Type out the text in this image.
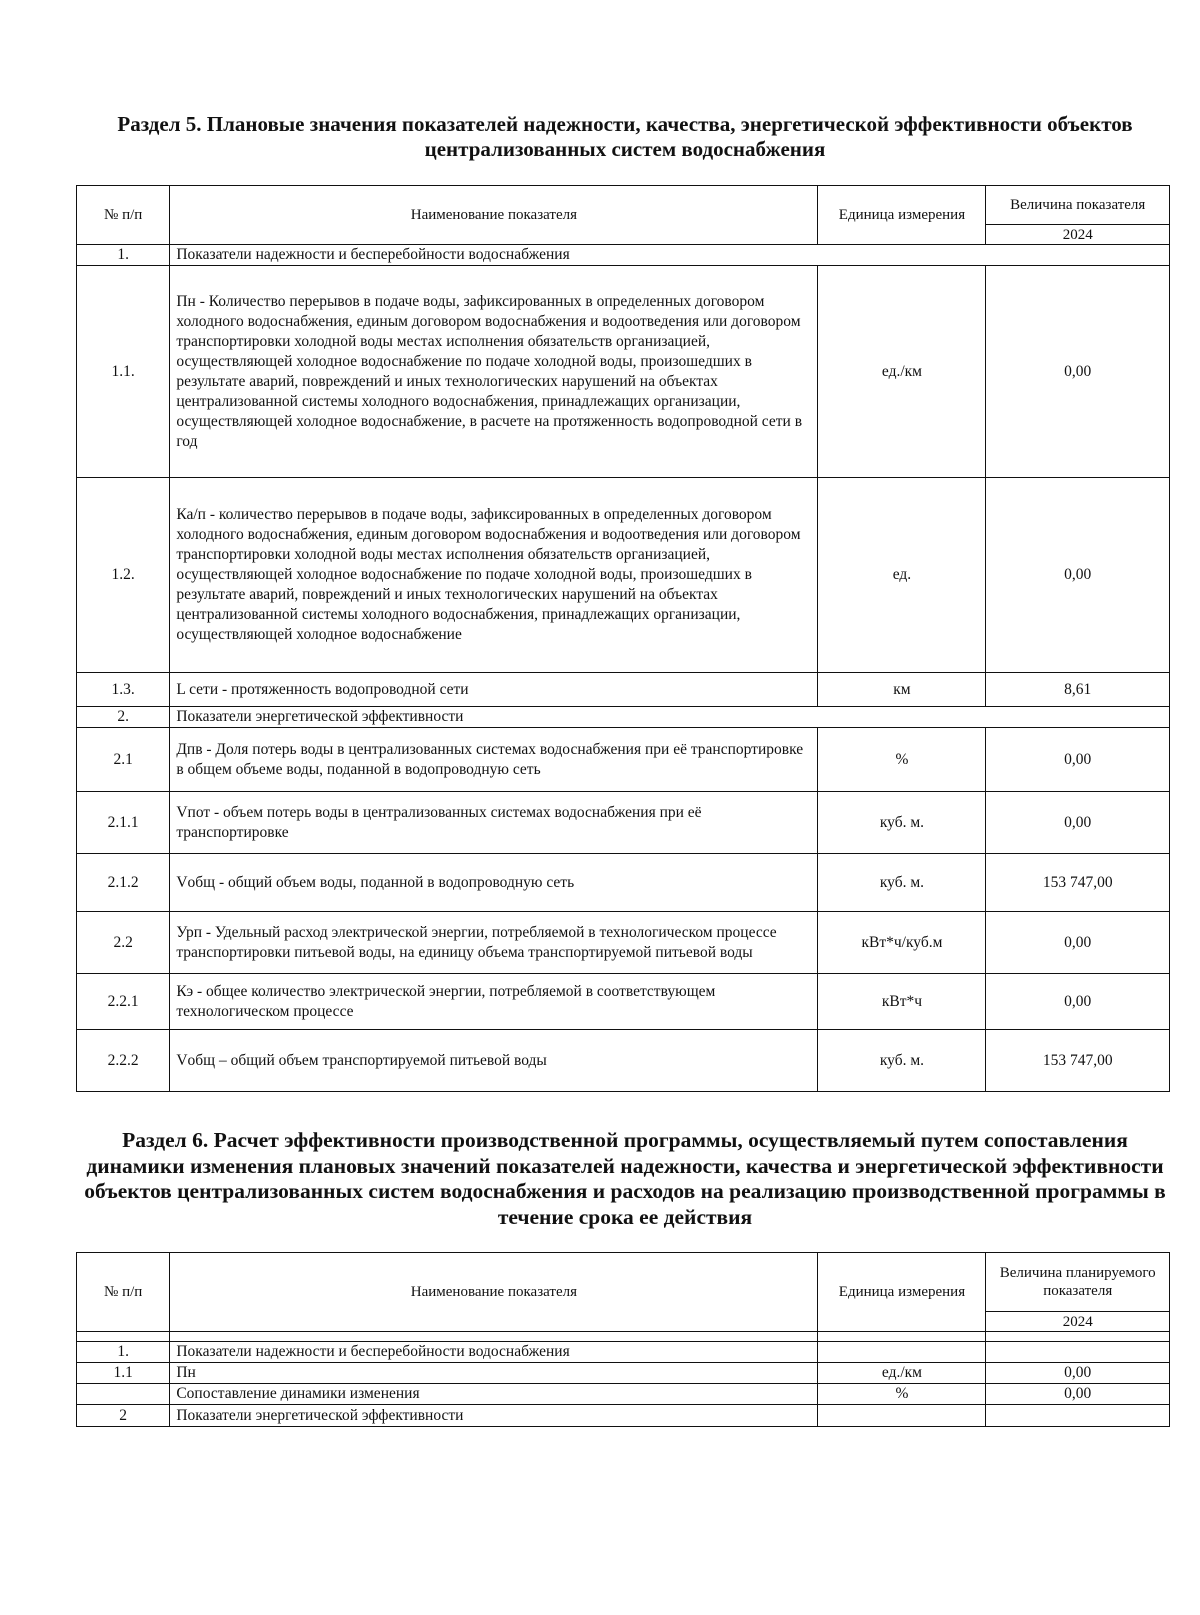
Раздел 5. Плановые значения показателей надежности, качества, энергетической эффективности объектов централизованных систем водоснабжения
№ п/п	Наименование показателя	Единица измерения	Величина показателя
			2024
1.	Показатели надежности и бесперебойности водоснабжения		
1.1.	Пн - Количество перерывов в подаче воды, зафиксированных в определенных договором холодного водоснабжения, единым договором водоснабжения и водоотведения или договором транспортировки холодной воды местах исполнения обязательств организацией, осуществляющей холодное водоснабжение по подаче холодной воды, произошедших в результате аварий, повреждений и иных технологических нарушений на объектах централизованной системы холодного водоснабжения, принадлежащих организации, осуществляющей холодное водоснабжение, в расчете на протяженность водопроводной сети в год	ед./км	0,00
1.2.	Ка/п - количество перерывов в подаче воды, зафиксированных в определенных договором холодного водоснабжения, единым договором водоснабжения и водоотведения или договором транспортировки холодной воды местах исполнения обязательств организацией, осуществляющей холодное водоснабжение по подаче холодной воды, произошедших в результате аварий, повреждений и иных технологических нарушений на объектах централизованной системы холодного водоснабжения, принадлежащих организации, осуществляющей холодное водоснабжение	ед.	0,00
1.3.	L сети - протяженность водопроводной сети	км	8,61
2.	Показатели энергетической эффективности		
2.1	Дпв - Доля потерь воды в централизованных системах водоснабжения при её транспортировке в общем объеме воды, поданной в водопроводную сеть	%	0,00
2.1.1	Vпот - объем потерь воды в централизованных системах водоснабжения при её транспортировке	куб. м.	0,00
2.1.2	Vобщ - общий объем воды, поданной в водопроводную сеть	куб. м.	153 747,00
2.2	Урп - Удельный расход электрической энергии, потребляемой в технологическом процессе транспортировки питьевой воды, на единицу объема транспортируемой питьевой воды	кВт*ч/куб.м	0,00
2.2.1	Кэ - общее количество электрической энергии, потребляемой в соответствующем технологическом процессе	кВт*ч	0,00
2.2.2	Vобщ – общий объем транспортируемой питьевой воды	куб. м.	153 747,00
Раздел 6. Расчет эффективности производственной программы, осуществляемый путем сопоставления динамики изменения плановых значений показателей надежности, качества и энергетической эффективности объектов централизованных систем водоснабжения и расходов на реализацию производственной программы в течение срока ее действия
№ п/п	Наименование показателя	Единица измерения	Величина планируемого показателя
			2024

1.	Показатели надежности и бесперебойности водоснабжения		
1.1	Пн	ед./км	0,00
	Сопоставление динамики изменения	%	0,00
2	Показатели энергетической эффективности		
